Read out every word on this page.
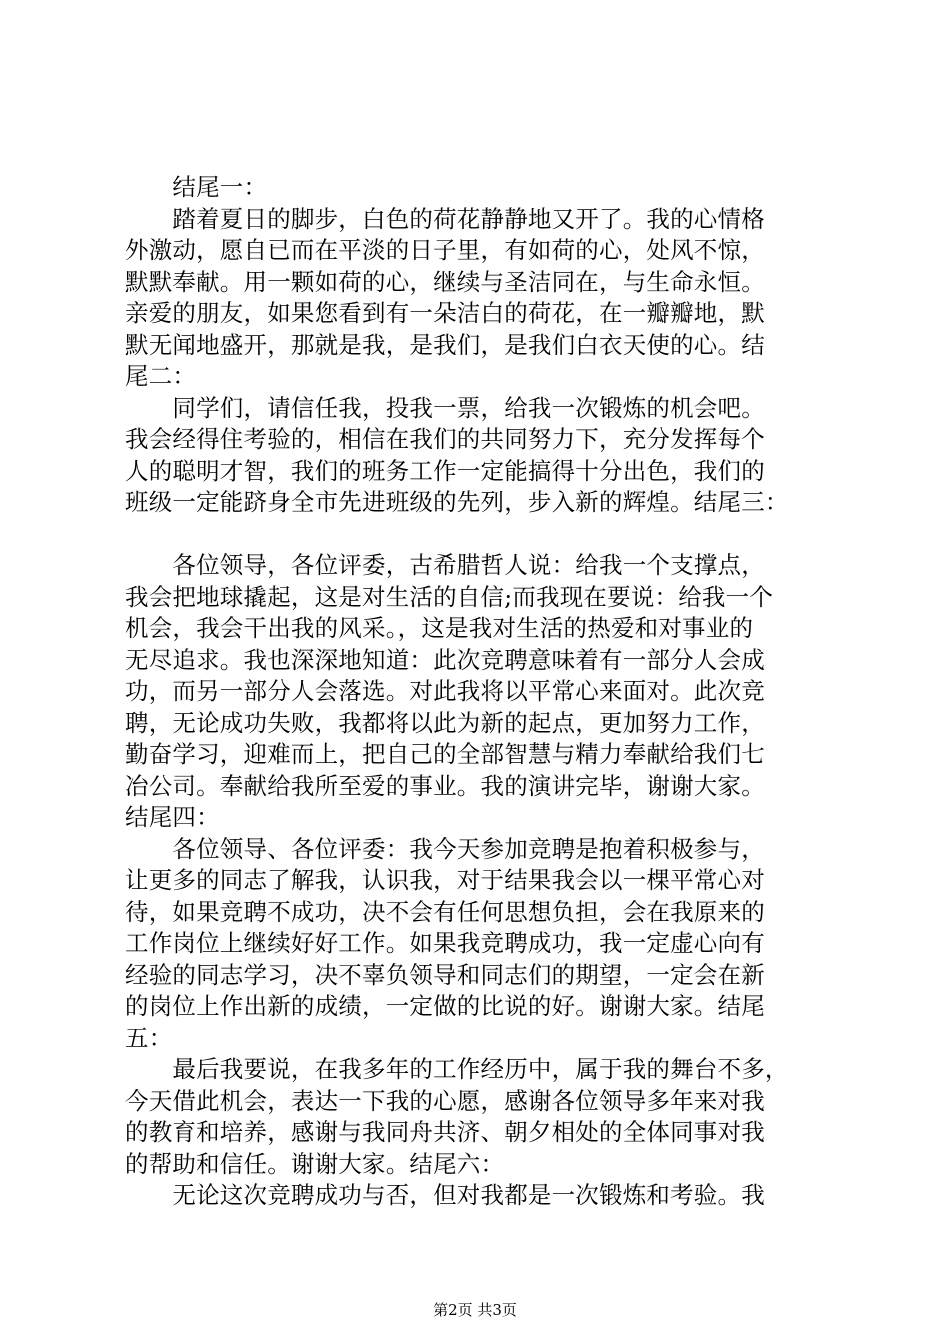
　　结尾一：

　　踏着夏日的脚步，白色的荷花静静地又开了。我的心情格

外激动，愿自已而在平淡的日子里，有如荷的心，处风不惊，

默默奉献。用一颗如荷的心，继续与圣洁同在，与生命永恒。

亲爱的朋友，如果您看到有一朵洁白的荷花，在一瓣瓣地，默

默无闻地盛开，那就是我，是我们，是我们白衣天使的心。结

尾二：

　　同学们，请信任我，投我一票，给我一次锻炼的机会吧。

我会经得住考验的，相信在我们的共同努力下，充分发挥每个

人的聪明才智，我们的班务工作一定能搞得十分出色，我们的

班级一定能跻身全市先进班级的先列，步入新的辉煌。结尾三：

　　各位领导，各位评委，古希腊哲人说：给我一个支撑点，

我会把地球撬起，这是对生活的自信;而我现在要说：给我一个

机会，我会干出我的风采。，这是我对生活的热爱和对事业的

无尽追求。我也深深地知道：此次竞聘意味着有一部分人会成

功，而另一部分人会落选。对此我将以平常心来面对。此次竞

聘，无论成功失败，我都将以此为新的起点，更加努力工作，

勤奋学习，迎难而上，把自己的全部智慧与精力奉献给我们七

冶公司。奉献给我所至爱的事业。我的演讲完毕，谢谢大家。

结尾四：

　　各位领导、各位评委：我今天参加竞聘是抱着积极参与，

让更多的同志了解我，认识我，对于结果我会以一棵平常心对

待，如果竞聘不成功，决不会有任何思想负担，会在我原来的

工作岗位上继续好好工作。如果我竞聘成功，我一定虚心向有

经验的同志学习，决不辜负领导和同志们的期望，一定会在新

的岗位上作出新的成绩，一定做的比说的好。谢谢大家。结尾

五：

　　最后我要说，在我多年的工作经历中，属于我的舞台不多，

今天借此机会，表达一下我的心愿，感谢各位领导多年来对我

的教育和培养，感谢与我同舟共济、朝夕相处的全体同事对我

的帮助和信任。谢谢大家。结尾六：

　　无论这次竞聘成功与否，但对我都是一次锻炼和考验。我

第2页 共3页
